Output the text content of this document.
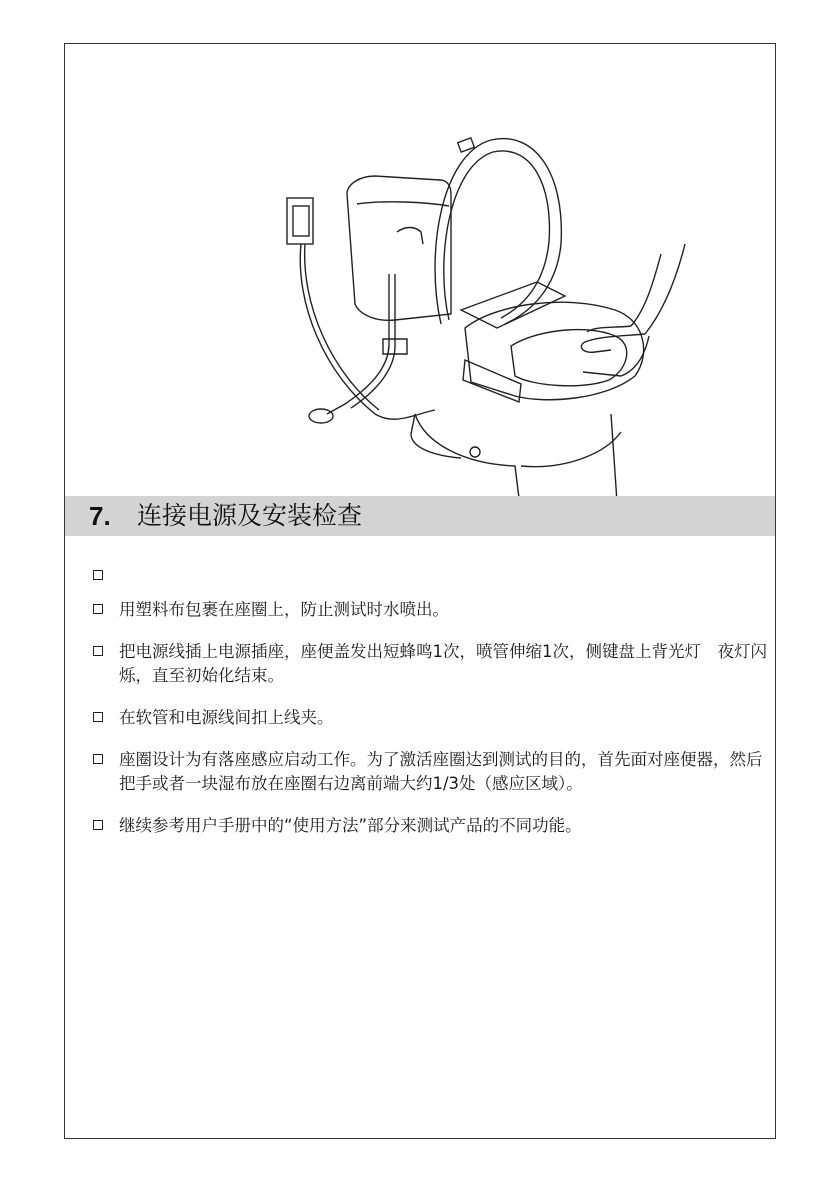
7. 连接电源及安装检查
用塑料布包裹在座圈上，防止测试时水喷出。
把电源线插上电源插座，座便盖发出短蜂鸣1次，喷管伸缩1次，侧键盘上背光灯　夜灯闪烁，直至初始化结束。
在软管和电源线间扣上线夹。
座圈设计为有落座感应启动工作。为了激活座圈达到测试的目的，首先面对座便器，然后把手或者一块湿布放在座圈右边离前端大约1/3处（感应区域）。
继续参考用户手册中的“使用方法”部分来测试产品的不同功能。
